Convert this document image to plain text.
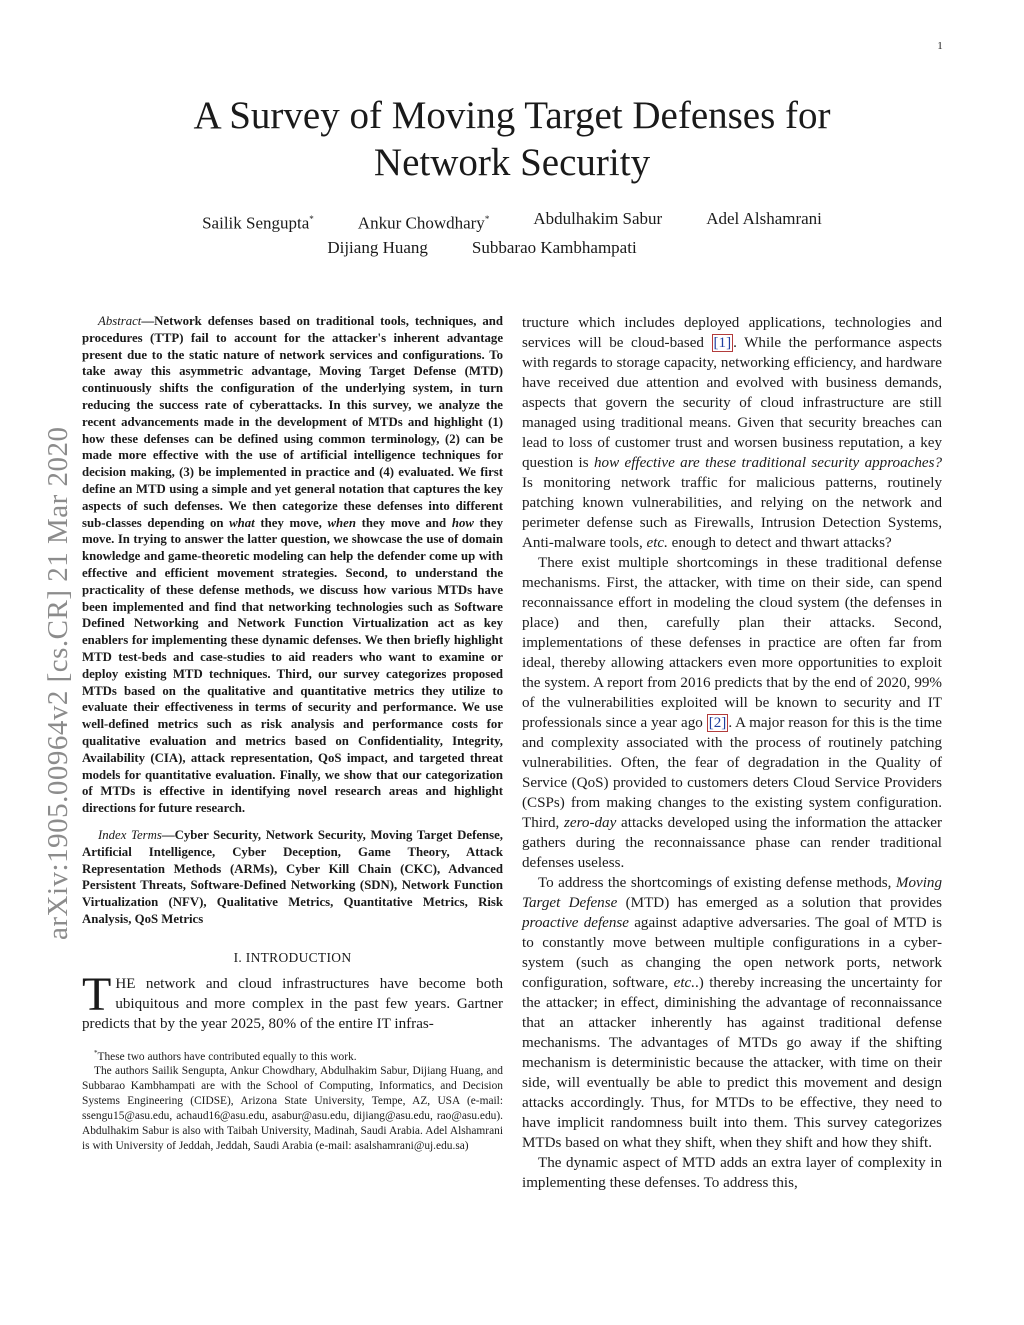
1
arXiv:1905.00964v2 [cs.CR] 21 Mar 2020
A Survey of Moving Target Defenses for
Network Security
Sailik Sengupta*	Ankur Chowdhary*	Abdulhakim Sabur	Adel Alshamrani
Dijiang Huang	Subbarao Kambhampati

Abstract—Network defenses based on traditional tools, techniques, and procedures (TTP) fail to account for the attacker's inherent advantage present due to the static nature of network services and configurations. To take away this asymmetric advantage, Moving Target Defense (MTD) continuously shifts the configuration of the underlying system, in turn reducing the success rate of cyberattacks. In this survey, we analyze the recent advancements made in the development of MTDs and highlight (1) how these defenses can be defined using common terminology, (2) can be made more effective with the use of artificial intelligence techniques for decision making, (3) be implemented in practice and (4) evaluated. We first define an MTD using a simple and yet general notation that captures the key aspects of such defenses. We then categorize these defenses into different sub-classes depending on what they move, when they move and how they move. In trying to answer the latter question, we showcase the use of domain knowledge and game-theoretic modeling can help the defender come up with effective and efficient movement strategies. Second, to understand the practicality of these defense methods, we discuss how various MTDs have been implemented and find that networking technologies such as Software Defined Networking and Network Function Virtualization act as key enablers for implementing these dynamic defenses. We then briefly highlight MTD test-beds and case-studies to aid readers who want to examine or deploy existing MTD techniques. Third, our survey categorizes proposed MTDs based on the qualitative and quantitative metrics they utilize to evaluate their effectiveness in terms of security and performance. We use well-defined metrics such as risk analysis and performance costs for qualitative evaluation and metrics based on Confidentiality, Integrity, Availability (CIA), attack representation, QoS impact, and targeted threat models for quantitative evaluation. Finally, we show that our categorization of MTDs is effective in identifying novel research areas and highlight directions for future research.

Index Terms—Cyber Security, Network Security, Moving Target Defense, Artificial Intelligence, Cyber Deception, Game Theory, Attack Representation Methods (ARMs), Cyber Kill Chain (CKC), Advanced Persistent Threats, Software-Defined Networking (SDN), Network Function Virtualization (NFV), Qualitative Metrics, Quantitative Metrics, Risk Analysis, QoS Metrics

I. INTRODUCTION

THE network and cloud infrastructures have become both ubiquitous and more complex in the past few years. Gartner predicts that by the year 2025, 80% of the entire IT infras-

*These two authors have contributed equally to this work.

The authors Sailik Sengupta, Ankur Chowdhary, Abdulhakim Sabur, Dijiang Huang, and Subbarao Kambhampati are with the School of Computing, Informatics, and Decision Systems Engineering (CIDSE), Arizona State University, Tempe, AZ, USA (e-mail: ssengu15@asu.edu, achaud16@asu.edu, asabur@asu.edu, dijiang@asu.edu, rao@asu.edu). Abdulhakim Sabur is also with Taibah University, Madinah, Saudi Arabia. Adel Alshamrani is with University of Jeddah, Jeddah, Saudi Arabia (e-mail: asalshamrani@uj.edu.sa)

tructure which includes deployed applications, technologies and services will be cloud-based [1] . While the performance aspects with regards to storage capacity, networking efficiency, and hardware have received due attention and evolved with business demands, aspects that govern the security of cloud infrastructure are still managed using traditional means. Given that security breaches can lead to loss of customer trust and worsen business reputation, a key question is how effective are these traditional security approaches? Is monitoring network traffic for malicious patterns, routinely patching known vulnerabilities, and relying on the network and perimeter defense such as Firewalls, Intrusion Detection Systems, Anti-malware tools, etc. enough to detect and thwart attacks?

There exist multiple shortcomings in these traditional defense mechanisms. First, the attacker, with time on their side, can spend reconnaissance effort in modeling the cloud system (the defenses in place) and then, carefully plan their attacks. Second, implementations of these defenses in practice are often far from ideal, thereby allowing attackers even more opportunities to exploit the system. A report from 2016 predicts that by the end of 2020, 99% of the vulnerabilities exploited will be known to security and IT professionals since a year ago [2] . A major reason for this is the time and complexity associated with the process of routinely patching vulnerabilities. Often, the fear of degradation in the Quality of Service (QoS) provided to customers deters Cloud Service Providers (CSPs) from making changes to the existing system configuration. Third, zero-day attacks developed using the information the attacker gathers during the reconnaissance phase can render traditional defenses useless.

To address the shortcomings of existing defense methods, Moving Target Defense (MTD) has emerged as a solution that provides proactive defense against adaptive adversaries. The goal of MTD is to constantly move between multiple configurations in a cyber-system (such as changing the open network ports, network configuration, software, etc..) thereby increasing the uncertainty for the attacker; in effect, diminishing the advantage of reconnaissance that an attacker inherently has against traditional defense mechanisms. The advantages of MTDs go away if the shifting mechanism is deterministic because the attacker, with time on their side, will eventually be able to predict this movement and design attacks accordingly. Thus, for MTDs to be effective, they need to have implicit randomness built into them. This survey categorizes MTDs based on what they shift, when they shift and how they shift.

The dynamic aspect of MTD adds an extra layer of complexity in implementing these defenses. To address this,
